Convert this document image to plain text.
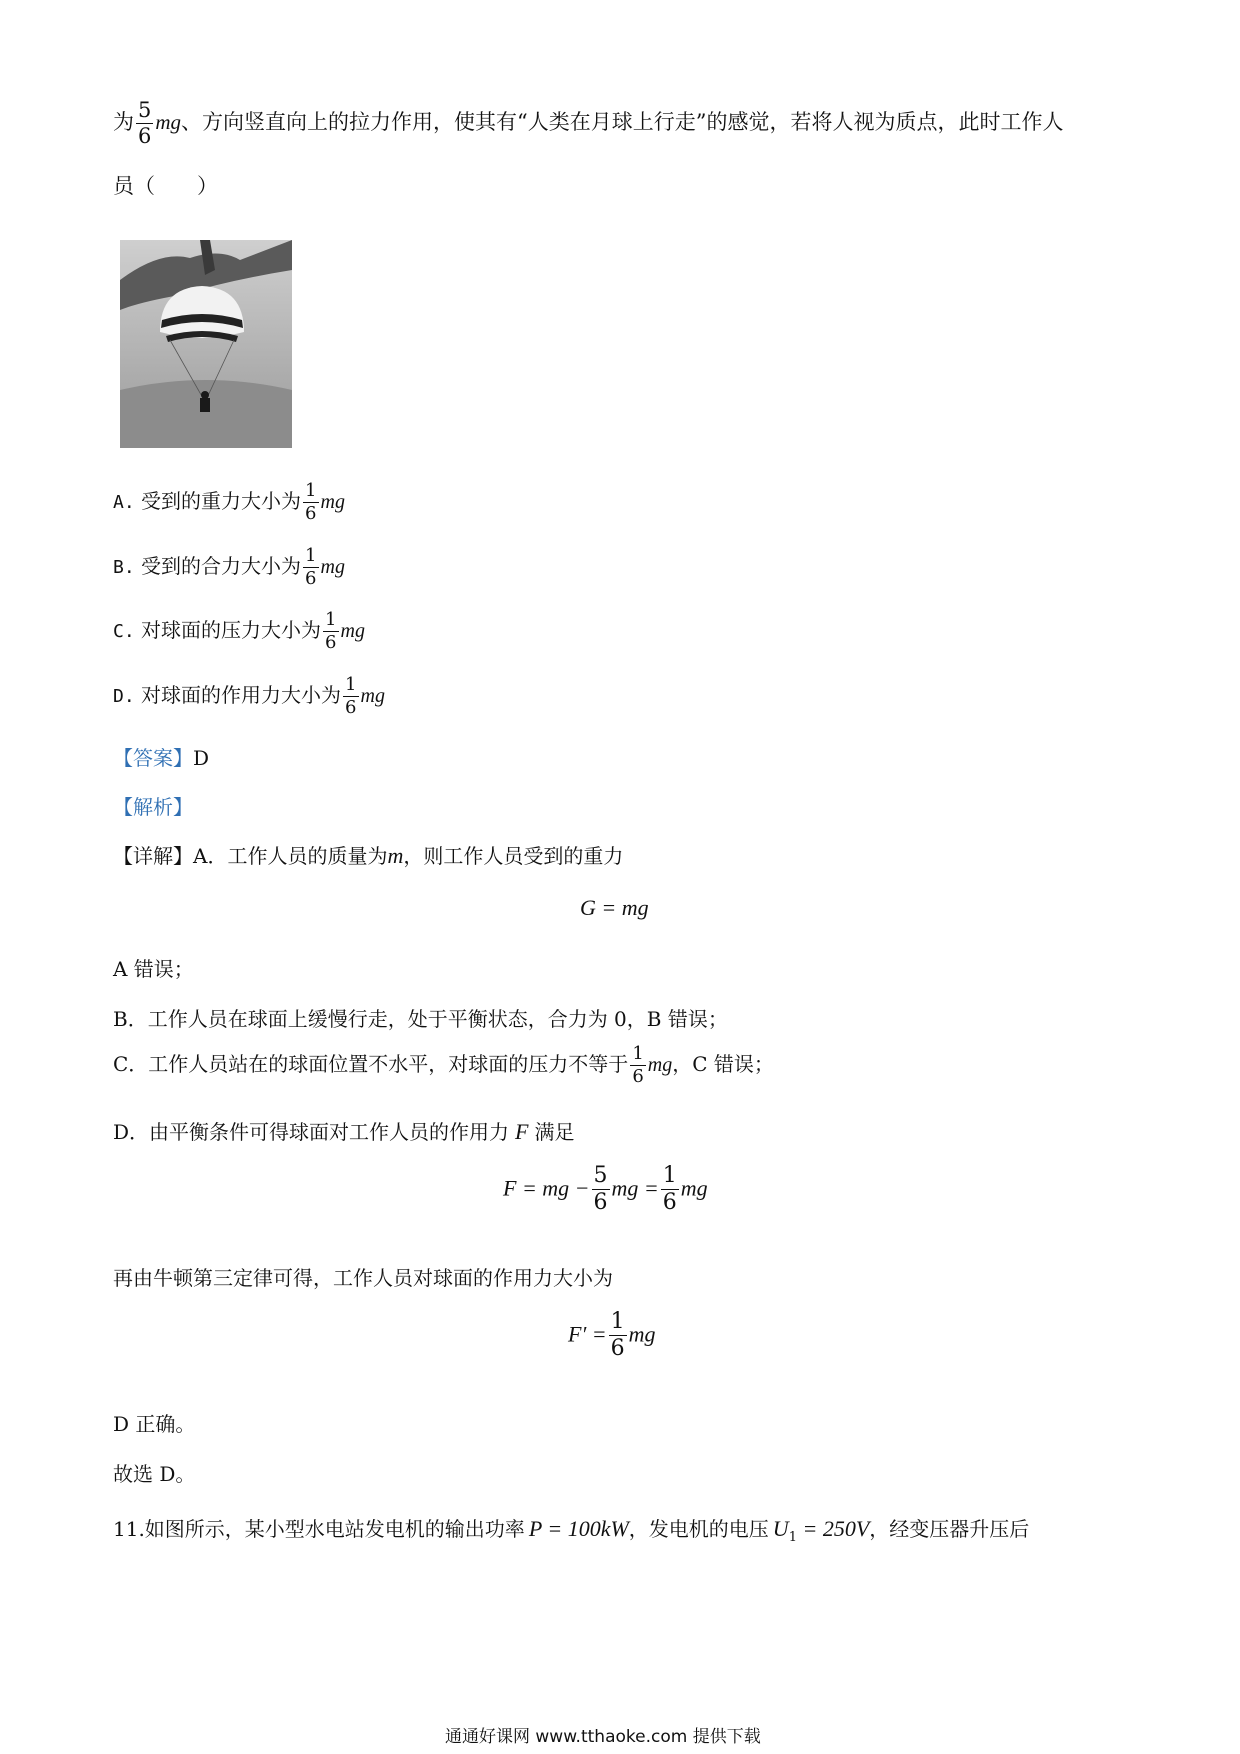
为 $\frac{5}{6}$ mg、方向竖直向上的拉力作用，使其有“人类在月球上行走”的感觉，若将人视为质点，此时工作人
员（　　）
A. 受到的重力大小为 $\frac{1}{6}$ mg
B. 受到的合力大小为 $\frac{1}{6}$ mg
C. 对球面的压力大小为 $\frac{1}{6}$ mg
D. 对球面的作用力大小为 $\frac{1}{6}$ mg
【答案】D
【解析】
【详解】A．工作人员的质量为m，则工作人员受到的重力
G = mg
A 错误；
B．工作人员在球面上缓慢行走，处于平衡状态，合力为 0，B 错误；
C．工作人员站在的球面位置不水平，对球面的压力不等于 $\frac{1}{6}$ mg，C 错误；
D．由平衡条件可得球面对工作人员的作用力 F 满足
F = mg − $\frac{5}{6}$ mg = $\frac{1}{6}$ mg
再由牛顿第三定律可得，工作人员对球面的作用力大小为
$F' = \frac{1}{6}$ mg
D 正确。
故选 D。
11.如图所示，某小型水电站发电机的输出功率 P = 100kW，发电机的电压 $U_1 = 250V$，经变压器升压后
通通好课网 www.tthaoke.com 提供下载
